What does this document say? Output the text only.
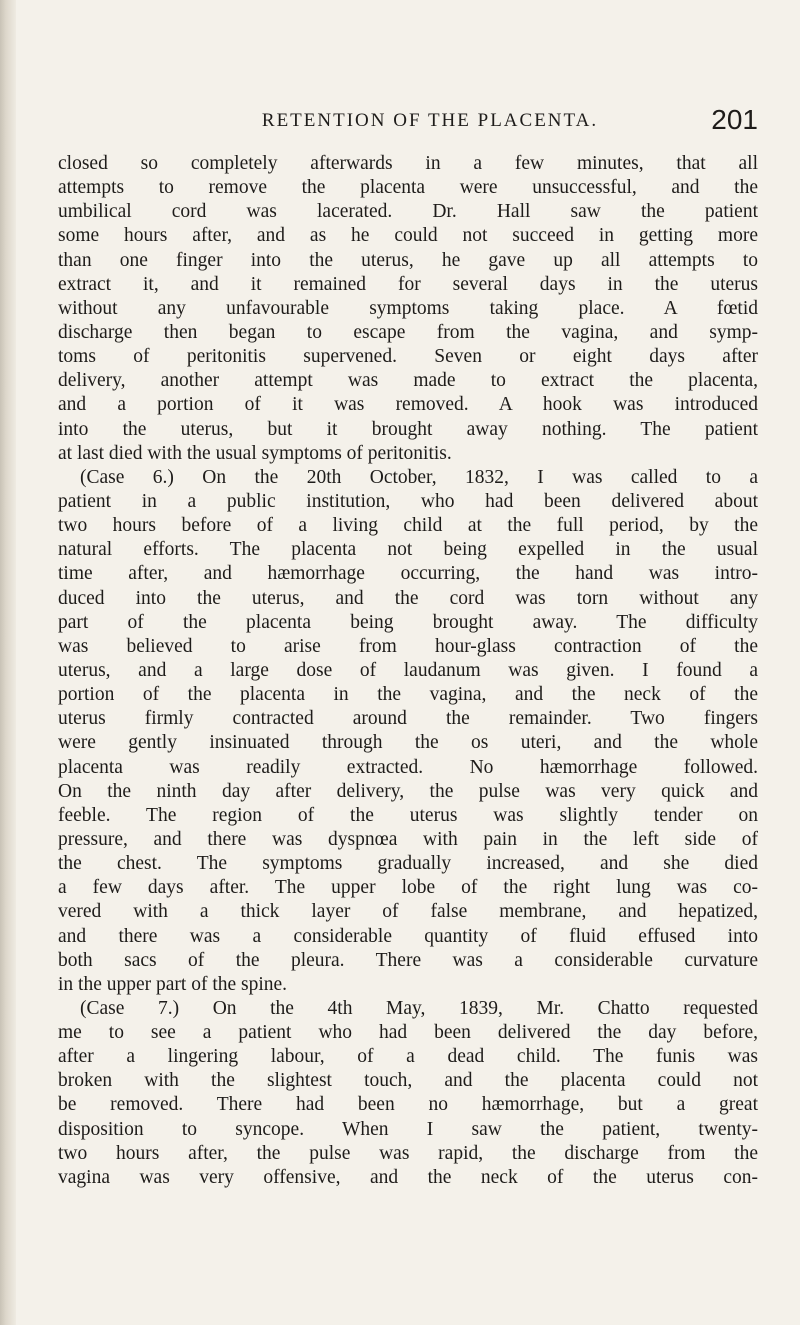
RETENTION OF THE PLACENTA.	201
closed so completely afterwards in a few minutes, that all
attempts to remove the placenta were unsuccessful, and the
umbilical cord was lacerated. Dr. Hall saw the patient
some hours after, and as he could not succeed in getting more
than one finger into the uterus, he gave up all attempts to
extract it, and it remained for several days in the uterus
without any unfavourable symptoms taking place. A fœtid
discharge then began to escape from the vagina, and symp-
toms of peritonitis supervened. Seven or eight days after
delivery, another attempt was made to extract the placenta,
and a portion of it was removed. A hook was introduced
into the uterus, but it brought away nothing. The patient
at last died with the usual symptoms of peritonitis.
(Case 6.) On the 20th October, 1832, I was called to a
patient in a public institution, who had been delivered about
two hours before of a living child at the full period, by the
natural efforts. The placenta not being expelled in the usual
time after, and hæmorrhage occurring, the hand was intro-
duced into the uterus, and the cord was torn without any
part of the placenta being brought away. The difficulty
was believed to arise from hour-glass contraction of the
uterus, and a large dose of laudanum was given. I found a
portion of the placenta in the vagina, and the neck of the
uterus firmly contracted around the remainder. Two fingers
were gently insinuated through the os uteri, and the whole
placenta was readily extracted. No hæmorrhage followed.
On the ninth day after delivery, the pulse was very quick and
feeble. The region of the uterus was slightly tender on
pressure, and there was dyspnœa with pain in the left side of
the chest. The symptoms gradually increased, and she died
a few days after. The upper lobe of the right lung was co-
vered with a thick layer of false membrane, and hepatized,
and there was a considerable quantity of fluid effused into
both sacs of the pleura. There was a considerable curvature
in the upper part of the spine.
(Case 7.) On the 4th May, 1839, Mr. Chatto requested
me to see a patient who had been delivered the day before,
after a lingering labour, of a dead child. The funis was
broken with the slightest touch, and the placenta could not
be removed. There had been no hæmorrhage, but a great
disposition to syncope. When I saw the patient, twenty-
two hours after, the pulse was rapid, the discharge from the
vagina was very offensive, and the neck of the uterus con-
